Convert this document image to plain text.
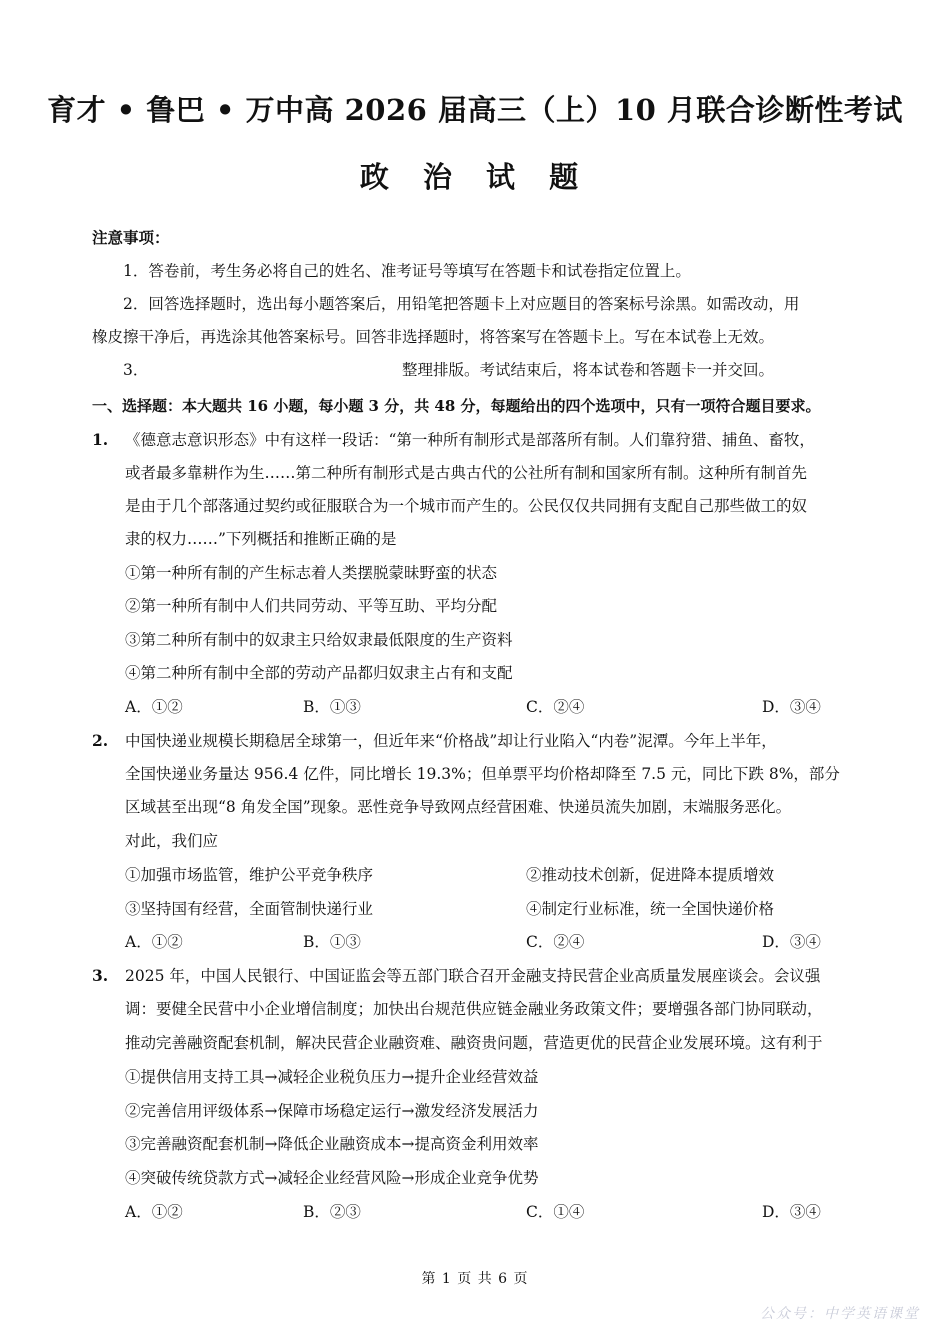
育才 • 鲁巴 • 万中高 2026 届高三（上）10 月联合诊断性考试
政 治 试 题
注意事项：
1．答卷前，考生务必将自己的姓名、准考证号等填写在答题卡和试卷指定位置上。
2．回答选择题时，选出每小题答案后，用铅笔把答题卡上对应题目的答案标号涂黑。如需改动，用
橡皮擦干净后，再选涂其他答案标号。回答非选择题时，将答案写在答题卡上。写在本试卷上无效。
3．	整理排版。考试结束后，将本试卷和答题卡一并交回。
一、选择题：本大题共 16 小题，每小题 3 分，共 48 分，每题给出的四个选项中，只有一项符合题目要求。
1. 《德意志意识形态》中有这样一段话：“第一种所有制形式是部落所有制。人们靠狩猎、捕鱼、畜牧，
或者最多靠耕作为生……第二种所有制形式是古典古代的公社所有制和国家所有制。这种所有制首先
是由于几个部落通过契约或征服联合为一个城市而产生的。公民仅仅共同拥有支配自己那些做工的奴
隶的权力……”下列概括和推断正确的是
①第一种所有制的产生标志着人类摆脱蒙昧野蛮的状态
②第一种所有制中人们共同劳动、平等互助、平均分配
③第二种所有制中的奴隶主只给奴隶最低限度的生产资料
④第二种所有制中全部的劳动产品都归奴隶主占有和支配
A．①②	B．①③	C．②④	D．③④
2. 中国快递业规模长期稳居全球第一，但近年来“价格战”却让行业陷入“内卷”泥潭。今年上半年，
全国快递业务量达 956.4 亿件，同比增长 19.3%；但单票平均价格却降至 7.5 元，同比下跌 8%，部分
区域甚至出现“8 角发全国”现象。恶性竞争导致网点经营困难、快递员流失加剧，末端服务恶化。
对此，我们应
①加强市场监管，维护公平竞争秩序	②推动技术创新，促进降本提质增效
③坚持国有经营，全面管制快递行业	④制定行业标准，统一全国快递价格
A．①②	B．①③	C．②④	D．③④
3. 2025 年，中国人民银行、中国证监会等五部门联合召开金融支持民营企业高质量发展座谈会。会议强
调：要健全民营中小企业增信制度；加快出台规范供应链金融业务政策文件；要增强各部门协同联动，
推动完善融资配套机制，解决民营企业融资难、融资贵问题，营造更优的民营企业发展环境。这有利于
①提供信用支持工具→减轻企业税负压力→提升企业经营效益
②完善信用评级体系→保障市场稳定运行→激发经济发展活力
③完善融资配套机制→降低企业融资成本→提高资金利用效率
④突破传统贷款方式→减轻企业经营风险→形成企业竞争优势
A．①②	B．②③	C．①④	D．③④
第 1 页 共 6 页
公众号：中学英语课堂
